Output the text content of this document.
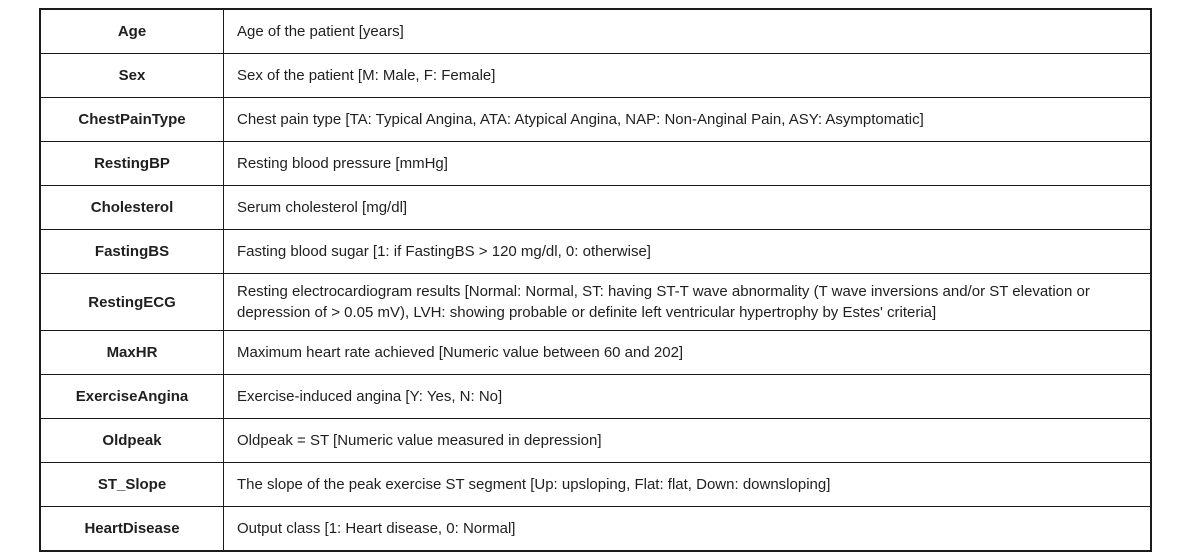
Age	Age of the patient [years]
Sex	Sex of the patient [M: Male, F: Female]
ChestPainType	Chest pain type [TA: Typical Angina, ATA: Atypical Angina, NAP: Non-Anginal Pain, ASY: Asymptomatic]
RestingBP	Resting blood pressure [mmHg]
Cholesterol	Serum cholesterol [mg/dl]
FastingBS	Fasting blood sugar [1: if FastingBS > 120 mg/dl, 0: otherwise]
RestingECG	Resting electrocardiogram results [Normal: Normal, ST: having ST-T wave abnormality (T wave inversions and/or ST elevation or depression of > 0.05 mV), LVH: showing probable or definite left ventricular hypertrophy by Estes' criteria]
MaxHR	Maximum heart rate achieved [Numeric value between 60 and 202]
ExerciseAngina	Exercise-induced angina [Y: Yes, N: No]
Oldpeak	Oldpeak = ST [Numeric value measured in depression]
ST_Slope	The slope of the peak exercise ST segment [Up: upsloping, Flat: flat, Down: downsloping]
HeartDisease	Output class [1: Heart disease, 0: Normal]
